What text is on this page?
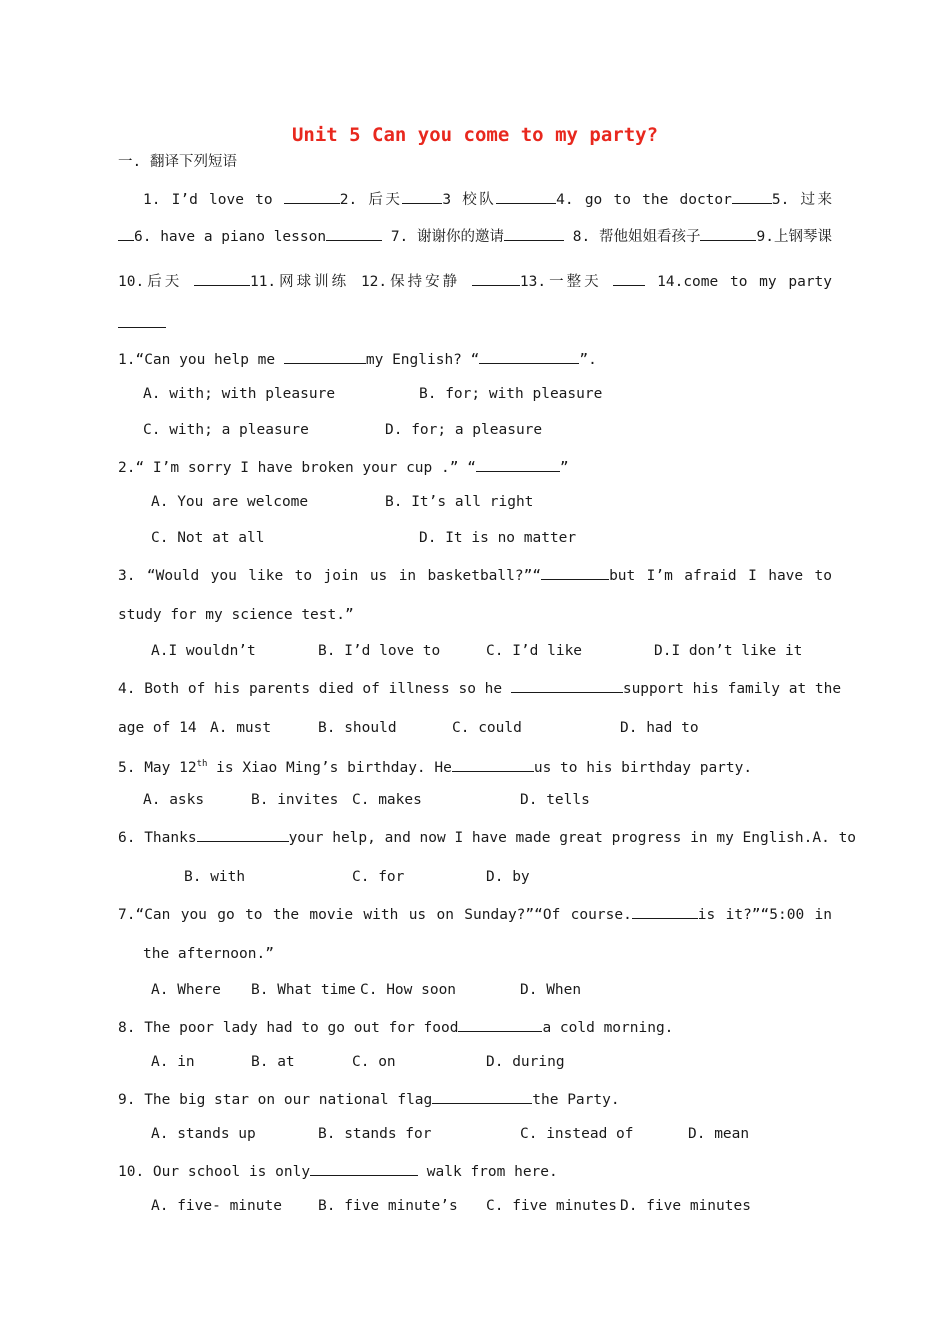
Unit 5 Can you come to my party?
一. 翻译下列短语
1. I’d love to	2. 后天	3 校队	4. go to the doctor	5. 过来
6. have a piano lesson	7. 谢谢你的邀请	8. 帮他姐姐看孩子	9.上钢琴课
10.后天	11.网球训练 12.保持安静	13.一整天	14.come to my party
1.“Can you help me	my English? “	”.
A. with; with pleasure	B. for; with pleasure
C. with; a pleasure	D. for; a pleasure
2.“ I’m sorry I have broken your cup .” “	”
A. You are welcome	B. It’s all right
C. Not at all	D. It is no matter
3. “Would you like to join us in basketball?”“	but I’m afraid I have to
study for my science test.”
A.I wouldn’t	B. I’d love to	C. I’d like	D.I don’t like it
4. Both of his parents died of illness so he	support his family at the
age of 14 A. must	B. should	C. could	D. had to
5. May 12th is Xiao Ming’s birthday. He	us to his birthday party.
A. asks	B. invites C. makes	D. tells
6. Thanks	your help, and now I have made great progress in my English.A. to
B. with	C. for	D. by
7.“Can you go to the movie with us on Sunday?”“Of course.	is it?”“5:00 in
the afternoon.”
A. Where B. What time C. How soon	D. When
8. The poor lady had to go out for food	a cold morning.
A. in	B. at	C. on	D. during
9. The big star on our national flag	the Party.
A. stands up	B. stands for	C. instead of	D. mean
10. Our school is only	walk from here.
A. five- minute B. five minute’s C. five minutes D. five minutes
